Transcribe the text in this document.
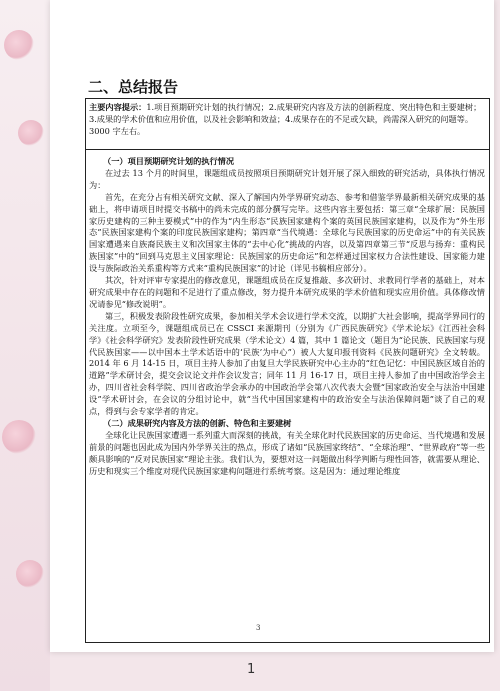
二、总结报告
主要内容提示：1.项目预期研究计划的执行情况；2.成果研究内容及方法的创新程度、突出特色和主要建树；3.成果的学术价值和应用价值，以及社会影响和效益；4.成果存在的不足或欠缺，尚需深入研究的问题等。3000 字左右。

（一）项目预期研究计划的执行情况

在过去 13 个月的时间里，课题组成员按照项目预期研究计划开展了深入细致的研究活动，具体执行情况为：

首先，在充分占有相关研究文献、深入了解国内外学界研究动态、参考和借鉴学界最新相关研究成果的基础上，将申请项目时提交书稿中的尚未完成的部分撰写完毕。这些内容主要包括：第三章“全球扩展：民族国家历史建构的三种主要模式”中的作为“内生形态”民族国家建构个案的英国民族国家建构，以及作为“外生形态”民族国家建构个案的印度民族国家建构；第四章“当代境遇：全球化与民族国家的历史命运”中的有关民族国家遭遇来自族裔民族主义和次国家主体的“去中心化”挑战的内容，以及第四章第三节“反思与扬弃：重构民族国家”中的“回到马克思主义国家理论：民族国家的历史命运”和怎样通过国家权力合法性建设、国家能力建设与族际政治关系重构等方式来“重构民族国家”的讨论（详见书稿相应部分）。

其次，针对评审专家提出的修改意见，课题组成员在反复推敲、多次研讨、求教同行学者的基础上，对本研究成果中存在的问题和不足进行了重点修改，努力提升本研究成果的学术价值和现实应用价值。具体修改情况请参见“修改说明”。

第三，积极发表阶段性研究成果，参加相关学术会议进行学术交流，以期扩大社会影响，提高学界同行的关注度。立项至今，课题组成员已在 CSSCI 来源期刊（分别为《广西民族研究》《学术论坛》《江西社会科学》《社会科学研究》发表阶段性研究成果（学术论文）4 篇，其中 1 篇论文（题目为“论民族、民族国家与现代民族国家——以中国本土学术话语中的‘民族’为中心”）被人大复印报刊资料《民族问题研究》全文转载。2014 年 6 月 14-15 日，项目主持人参加了由复旦大学民族研究中心主办的“红色记忆：中国民族区域自治的道路”学术研讨会，提交会议论文并作会议发言；同年 11 月 16-17 日，项目主持人参加了由中国政治学会主办，四川省社会科学院、四川省政治学会承办的中国政治学会第八次代表大会暨“国家政治安全与法治中国建设”学术研讨会，在会议的分组讨论中，就“当代中国国家建构中的政治安全与法治保障问题”谈了自己的观点，得到与会专家学者的肯定。

（二）成果研究内容及方法的创新、特色和主要建树

全球化让民族国家遭遇一系列重大而深刻的挑战，有关全球化时代民族国家的历史命运、当代境遇和发展前景的问题也因此成为国内外学界关注的热点，形成了诸如“民族国家终结”、“全球治理”、“世界政府”等一些颇具影响的“反对民族国家”理论主张。我们认为，要想对这一问题做出科学判断与理性回答，就需要从理论、历史和现实三个维度对现代民族国家建构问题进行系统考察。这是因为：通过理论维度

3
1
